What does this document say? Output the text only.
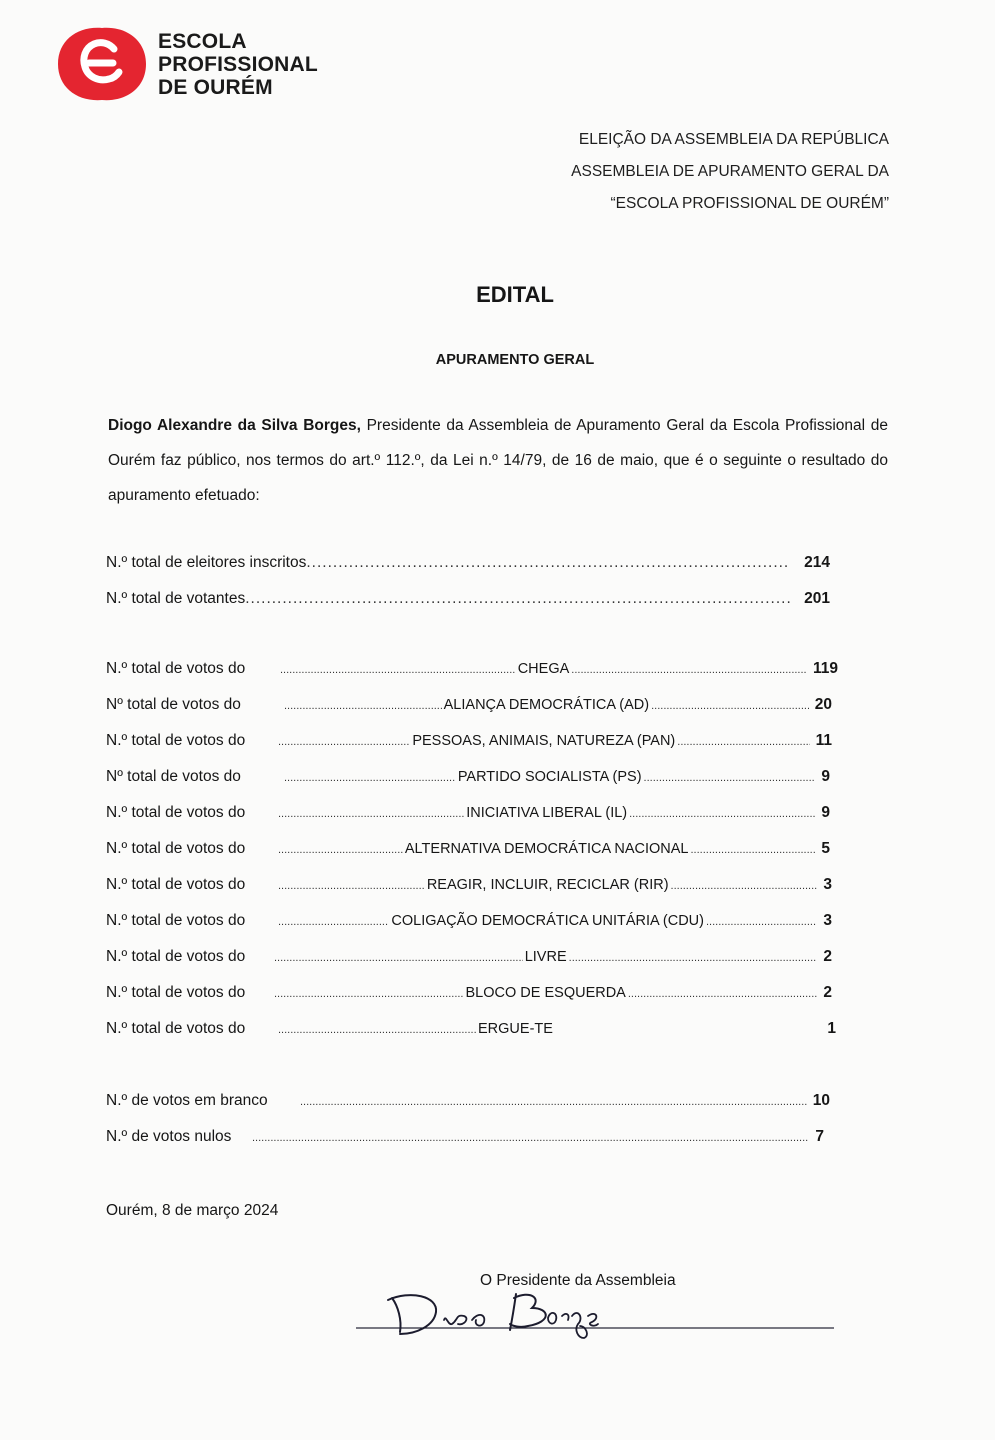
ESCOLA
PROFISSIONAL
DE OURÉM
ELEIÇÃO DA ASSEMBLEIA DA REPÚBLICA
ASSEMBLEIA DE APURAMENTO GERAL DA
“ESCOLA PROFISSIONAL DE OURÉM”
EDITAL
APURAMENTO GERAL
Diogo Alexandre da Silva Borges, Presidente da Assembleia de Apuramento Geral da Escola Profissional de Ourém faz público, nos termos do art.º 112.º, da Lei n.º 14/79, de 16 de maio, que é o seguinte o resultado do apuramento efetuado:
N.º total de eleitores inscritos .....	214
N.º total de votantes .....	201
N.º total de votos do .....	CHEGA .....	119
Nº total de votos do .....	ALIANÇA DEMOCRÁTICA (AD) .....	20
N.º total de votos do .....	PESSOAS, ANIMAIS, NATUREZA (PAN) .....	11
Nº total de votos do .....	PARTIDO SOCIALISTA (PS) .....	9
N.º total de votos do .....	INICIATIVA LIBERAL (IL) .....	9
N.º total de votos do .....	ALTERNATIVA DEMOCRÁTICA NACIONAL .....	5
N.º total de votos do .....	REAGIR, INCLUIR, RECICLAR (RIR) .....	3
N.º total de votos do .....	COLIGAÇÃO DEMOCRÁTICA UNITÁRIA (CDU) .....	3
N.º total de votos do .....	LIVRE .....	2
N.º total de votos do .....	BLOCO DE ESQUERDA .....	2
N.º total de votos do .....	ERGUE-TE	1
N.º de votos em branco .....	10
N.º de votos nulos .....	7
Ourém, 8 de março 2024
O Presidente da Assembleia
